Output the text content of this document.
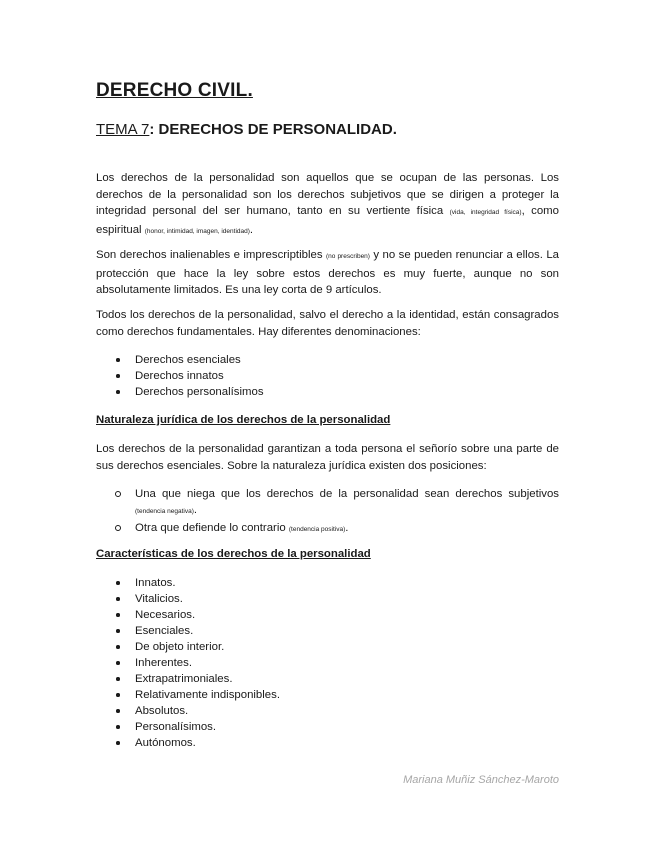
DERECHO CIVIL.
TEMA 7: DERECHOS DE PERSONALIDAD.

Los derechos de la personalidad son aquellos que se ocupan de las personas. Los derechos de la personalidad son los derechos subjetivos que se dirigen a proteger la integridad personal del ser humano, tanto en su vertiente física (vida, integridad física), como espiritual (honor, intimidad, imagen, identidad).

Son derechos inalienables e imprescriptibles (no prescriben) y no se pueden renunciar a ellos. La protección que hace la ley sobre estos derechos es muy fuerte, aunque no son absolutamente limitados. Es una ley corta de 9 artículos.

Todos los derechos de la personalidad, salvo el derecho a la identidad, están consagrados como derechos fundamentales. Hay diferentes denominaciones:

Derechos esenciales
Derechos innatos
Derechos personalísimos
Naturaleza jurídica de los derechos de la personalidad

Los derechos de la personalidad garantizan a toda persona el señorío sobre una parte de sus derechos esenciales. Sobre la naturaleza jurídica existen dos posiciones:

Una que niega que los derechos de la personalidad sean derechos subjetivos (tendencia negativa).
Otra que defiende lo contrario (tendencia positiva).
Características de los derechos de la personalidad
Innatos.
Vitalicios.
Necesarios.
Esenciales.
De objeto interior.
Inherentes.
Extrapatrimoniales.
Relativamente indisponibles.
Absolutos.
Personalísimos.
Autónomos.
Mariana Muñiz Sánchez-Maroto
